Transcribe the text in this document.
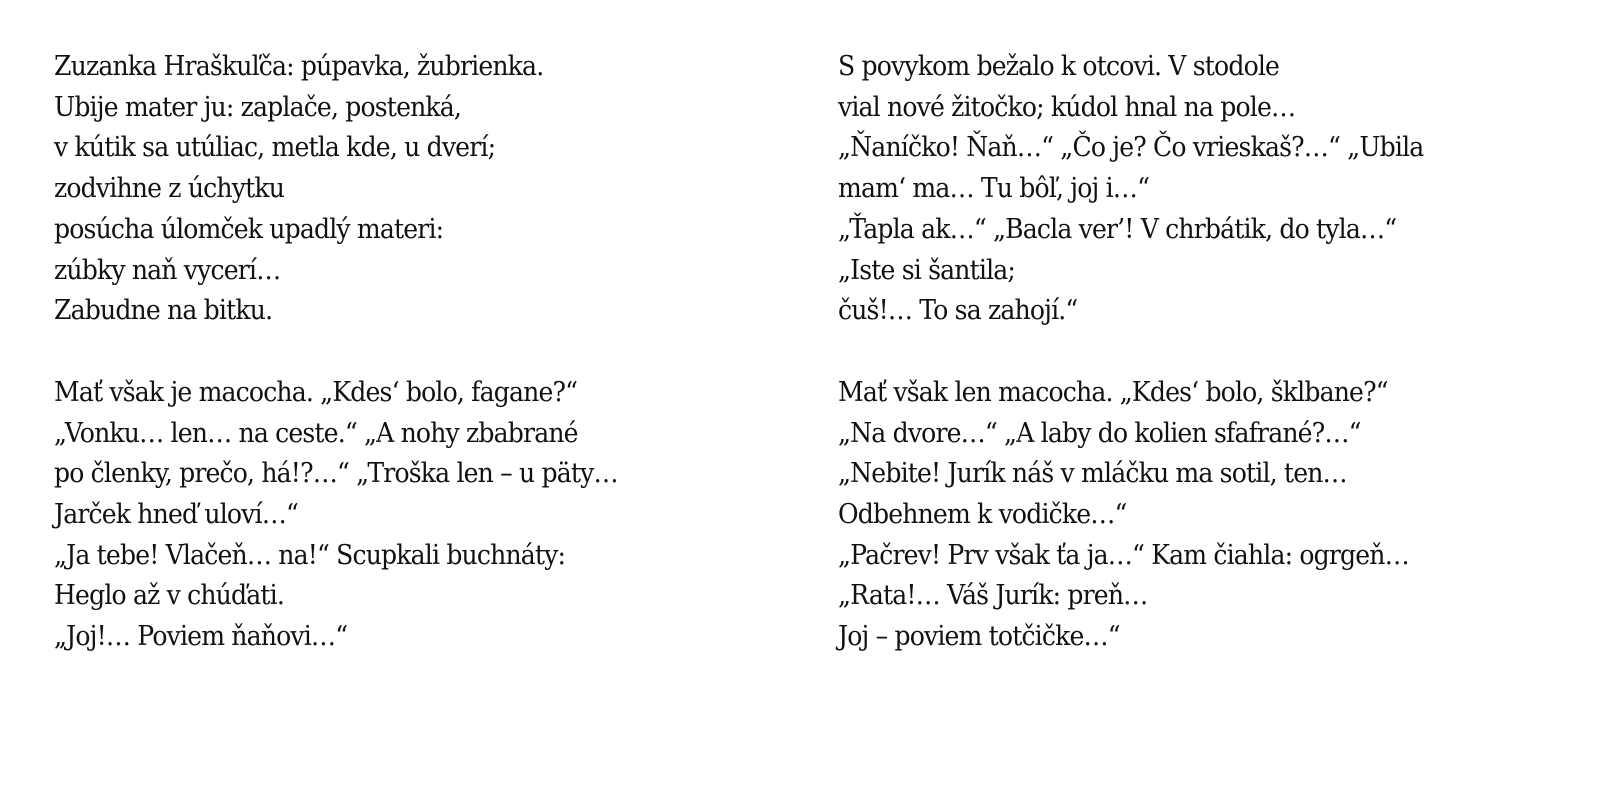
Zuzanka Hraškuľča: púpavka, žubrienka.
Ubije mater ju: zaplače, postenká,
v kútik sa utúliac, metla kde, u dverí;
zodvihne z úchytku
posúcha úlomček upadlý materi:
zúbky naň vycerí…
Zabudne na bitku.
Mať však je macocha. „Kdes‘ bolo, fagane?“
„Vonku… len… na ceste.“ „A nohy zbabrané
po členky, prečo, há!?…“ „Troška len – u päty…
Jarček hneď uloví…“
„Ja tebe! Vlačeň… na!“ Scupkali buchnáty:
Heglo až v chúďati.
„Joj!… Poviem ňaňovi…“
S povykom bežalo k otcovi. V stodole
vial nové žitočko; kúdol hnal na pole…
„Ňaníčko! Ňaň…“ „Čo je? Čo vrieskaš?…“ „Ubila
mam‘ ma… Tu bôľ, joj i…“
„Ťapla ak…“ „Bacla ver’! V chrbátik, do tyla…“
„Iste si šantila;
čuš!… To sa zahojí.“
Mať však len macocha. „Kdes‘ bolo, šklbane?“
„Na dvore…“ „A laby do kolien sfafrané?…“
„Nebite! Jurík náš v mláčku ma sotil, ten…
Odbehnem k vodičke…“
„Pačrev! Prv však ťa ja…“ Kam čiahla: ogrgeň…
„Rata!… Váš Jurík: preň…
Joj – poviem totčičke…“
